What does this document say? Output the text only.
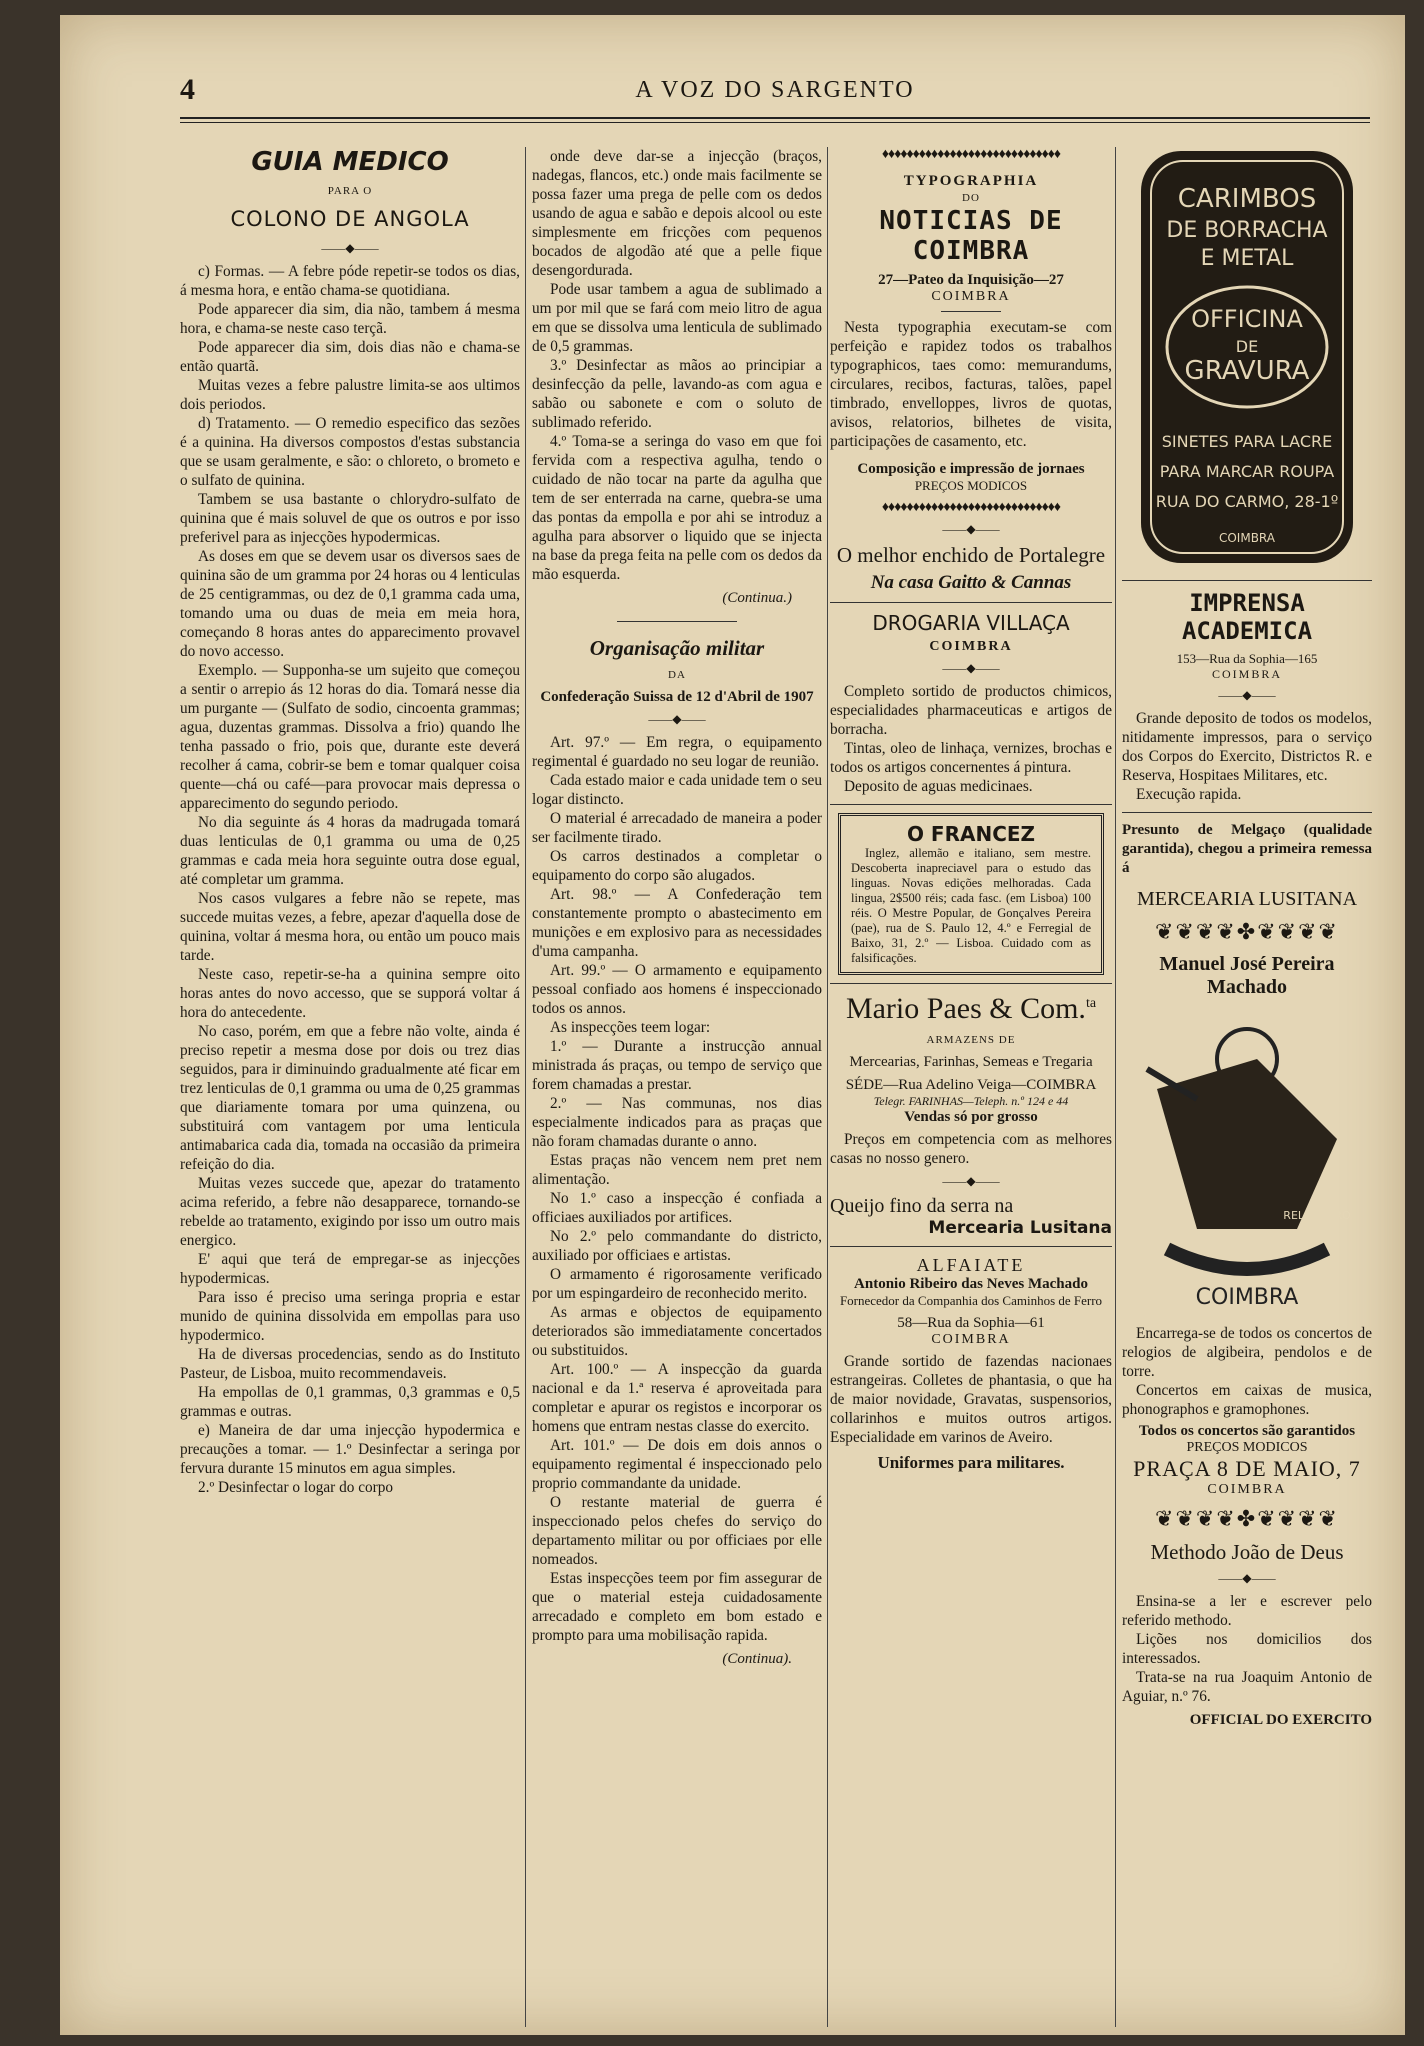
4	A VOZ DO SARGENTO
GUIA MEDICO
PARA O
COLONO DE ANGOLA
——◆——

c) Formas. — A febre póde repetir-se todos os dias, á mesma hora, e então chama-se quotidiana.

Pode apparecer dia sim, dia não, tambem á mesma hora, e chama-se neste caso terçã.

Pode apparecer dia sim, dois dias não e chama-se então quartã.

Muitas vezes a febre palustre limita-se aos ultimos dois periodos.

d) Tratamento. — O remedio especifico das sezões é a quinina. Ha diversos compostos d'estas substancia que se usam geralmente, e são: o chloreto, o brometo e o sulfato de quinina.

Tambem se usa bastante o chlorydro-sulfato de quinina que é mais soluvel de que os outros e por isso preferivel para as injecções hypodermicas.

As doses em que se devem usar os diversos saes de quinina são de um gramma por 24 horas ou 4 lenticulas de 25 centigrammas, ou dez de 0,1 gramma cada uma, tomando uma ou duas de meia em meia hora, começando 8 horas antes do apparecimento provavel do novo accesso.

Exemplo. — Supponha-se um sujeito que começou a sentir o arrepio ás 12 horas do dia. Tomará nesse dia um purgante — (Sulfato de sodio, cincoenta grammas; agua, duzentas grammas. Dissolva a frio) quando lhe tenha passado o frio, pois que, durante este deverá recolher á cama, cobrir-se bem e tomar qualquer coisa quente—chá ou café—para provocar mais depressa o apparecimento do segundo periodo.

No dia seguinte ás 4 horas da madrugada tomará duas lenticulas de 0,1 gramma ou uma de 0,25 grammas e cada meia hora seguinte outra dose egual, até completar um gramma.

Nos casos vulgares a febre não se repete, mas succede muitas vezes, a febre, apezar d'aquella dose de quinina, voltar á mesma hora, ou então um pouco mais tarde.

Neste caso, repetir-se-ha a quinina sempre oito horas antes do novo accesso, que se supporá voltar á hora do antecedente.

No caso, porém, em que a febre não volte, ainda é preciso repetir a mesma dose por dois ou trez dias seguidos, para ir diminuindo gradualmente até ficar em trez lenticulas de 0,1 gramma ou uma de 0,25 grammas que diariamente tomara por uma quinzena, ou substituirá com vantagem por uma lenticula antimabarica cada dia, tomada na occasião da primeira refeição do dia.

Muitas vezes succede que, apezar do tratamento acima referido, a febre não desapparece, tornando-se rebelde ao tratamento, exigindo por isso um outro mais energico.

E' aqui que terá de empregar-se as injecções hypodermicas.

Para isso é preciso uma seringa propria e estar munido de quinina dissolvida em empollas para uso hypodermico.

Ha de diversas procedencias, sendo as do Instituto Pasteur, de Lisboa, muito recommendaveis.

Ha empollas de 0,1 grammas, 0,3 grammas e 0,5 grammas e outras.

e) Maneira de dar uma injecção hypodermica e precauções a tomar. — 1.º Desinfectar a seringa por fervura durante 15 minutos em agua simples.

2.º Desinfectar o logar do corpo

onde deve dar-se a injecção (braços, nadegas, flancos, etc.) onde mais facilmente se possa fazer uma prega de pelle com os dedos usando de agua e sabão e depois alcool ou este simplesmente em fricções com pequenos bocados de algodão até que a pelle fique desengordurada.

Pode usar tambem a agua de sublimado a um por mil que se fará com meio litro de agua em que se dissolva uma lenticula de sublimado de 0,5 grammas.

3.º Desinfectar as mãos ao principiar a desinfecção da pelle, lavando-as com agua e sabão ou sabonete e com o soluto de sublimado referido.

4.º Toma-se a seringa do vaso em que foi fervida com a respectiva agulha, tendo o cuidado de não tocar na parte da agulha que tem de ser enterrada na carne, quebra-se uma das pontas da empolla e por ahi se introduz a agulha para absorver o liquido que se injecta na base da prega feita na pelle com os dedos da mão esquerda.

(Continua.)
Organisação militar
DA
Confederação Suissa de 12 d'Abril de 1907
——◆——

Art. 97.º — Em regra, o equipamento regimental é guardado no seu logar de reunião.

Cada estado maior e cada unidade tem o seu logar distincto.

O material é arrecadado de maneira a poder ser facilmente tirado.

Os carros destinados a completar o equipamento do corpo são alugados.

Art. 98.º — A Confederação tem constantemente prompto o abastecimento em munições e em explosivo para as necessidades d'uma campanha.

Art. 99.º — O armamento e equipamento pessoal confiado aos homens é inspeccionado todos os annos.

As inspecções teem logar:

1.º — Durante a instrucção annual ministrada ás praças, ou tempo de serviço que forem chamadas a prestar.

2.º — Nas communas, nos dias especialmente indicados para as praças que não foram chamadas durante o anno.

Estas praças não vencem nem pret nem alimentação.

No 1.º caso a inspecção é confiada a officiaes auxiliados por artifices.

No 2.º pelo commandante do districto, auxiliado por officiaes e artistas.

O armamento é rigorosamente verificado por um espingardeiro de reconhecido merito.

As armas e objectos de equipamento deteriorados são immediatamente concertados ou substituidos.

Art. 100.º — A inspecção da guarda nacional e da 1.ª reserva é aproveitada para completar e apurar os registos e incorporar os homens que entram nestas classe do exercito.

Art. 101.º — De dois em dois annos o equipamento regimental é inspeccionado pelo proprio commandante da unidade.

O restante material de guerra é inspeccionado pelos chefes do serviço do departamento militar ou por officiaes por elle nomeados.

Estas inspecções teem por fim assegurar de que o material esteja cuidadosamente arrecadado e completo em bom estado e prompto para uma mobilisação rapida.

(Continua).
♦♦♦♦♦♦♦♦♦♦♦♦♦♦♦♦♦♦♦♦♦♦♦♦♦♦♦♦♦
TYPOGRAPHIA
DO
NOTICIAS DE COIMBRA
27—Pateo da Inquisição—27
COIMBRA

Nesta typographia executam-se com perfeição e rapidez todos os trabalhos typographicos, taes como: memurandums, circulares, recibos, facturas, talões, papel timbrado, envelloppes, livros de quotas, avisos, relatorios, bilhetes de visita, participações de casamento, etc.

Composição e impressão de jornaes
PREÇOS MODICOS
♦♦♦♦♦♦♦♦♦♦♦♦♦♦♦♦♦♦♦♦♦♦♦♦♦♦♦♦♦
——◆——
O melhor enchido de Portalegre
Na casa Gaitto & Cannas
DROGARIA VILLAÇA
COIMBRA
——◆——

Completo sortido de productos chimicos, especialidades pharmaceuticas e artigos de borracha.

Tintas, oleo de linhaça, vernizes, brochas e todos os artigos concernentes á pintura.

Deposito de aguas medicinaes.

O FRANCEZ

Inglez, allemão e italiano, sem mestre. Descoberta inapreciavel para o estudo das linguas. Novas edições melhoradas. Cada lingua, 2$500 réis; cada fasc. (em Lisboa) 100 réis. O Mestre Popular, de Gonçalves Pereira (pae), rua de S. Paulo 12, 4.º e Ferregial de Baixo, 31, 2.º — Lisboa. Cuidado com as falsificações.

Mario Paes & Com.$^{ta}$
ARMAZENS DE
Mercearias, Farinhas, Semeas e Tregaria
SÉDE—Rua Adelino Veiga—COIMBRA
Telegr. FARINHAS—Teleph. n.º 124 e 44
Vendas só por grosso

Preços em competencia com as melhores casas no nosso genero.

——◆——
Queijo fino da serra na
Mercearia Lusitana
ALFAIATE
Antonio Ribeiro das Neves Machado
Fornecedor da Companhia dos Caminhos de Ferro
58—Rua da Sophia—61
COIMBRA

Grande sortido de fazendas nacionaes estrangeiras. Colletes de phantasia, o que ha de maior novidade, Gravatas, suspensorios, collarinhos e muitos outros artigos. Especialidade em varinos de Aveiro.

Uniformes para militares.
CARIMBOS
DE BORRACHA
E METAL
OFFICINA
DE
GRAVURA
SINETES PARA LACRE
PARA MARCAR ROUPA
RUA DO CARMO, 28-1º
COIMBRA
IMPRENSA ACADEMICA
153—Rua da Sophia—165
COIMBRA
——◆——

Grande deposito de todos os modelos, nitidamente impressos, para o serviço dos Corpos do Exercito, Districtos R. e Reserva, Hospitaes Militares, etc.

Execução rapida.

Presunto de Melgaço (qualidade garantida), chegou a primeira remessa á

MERCEARIA LUSITANA
❦❦❦❦✤❦❦❦❦
Manuel José Pereira Machado
MACHADO
RELOJOEIRO
COIMBRA

Encarrega-se de todos os concertos de relogios de algibeira, pendolos e de torre.

Concertos em caixas de musica, phonographos e gramophones.

Todos os concertos são garantidos
PREÇOS MODICOS
PRAÇA 8 DE MAIO, 7
COIMBRA
❦❦❦❦✤❦❦❦❦
Methodo João de Deus
——◆——

Ensina-se a ler e escrever pelo referido methodo.

Lições nos domicilios dos interessados.

Trata-se na rua Joaquim Antonio de Aguiar, n.º 76.

OFFICIAL DO EXERCITO
